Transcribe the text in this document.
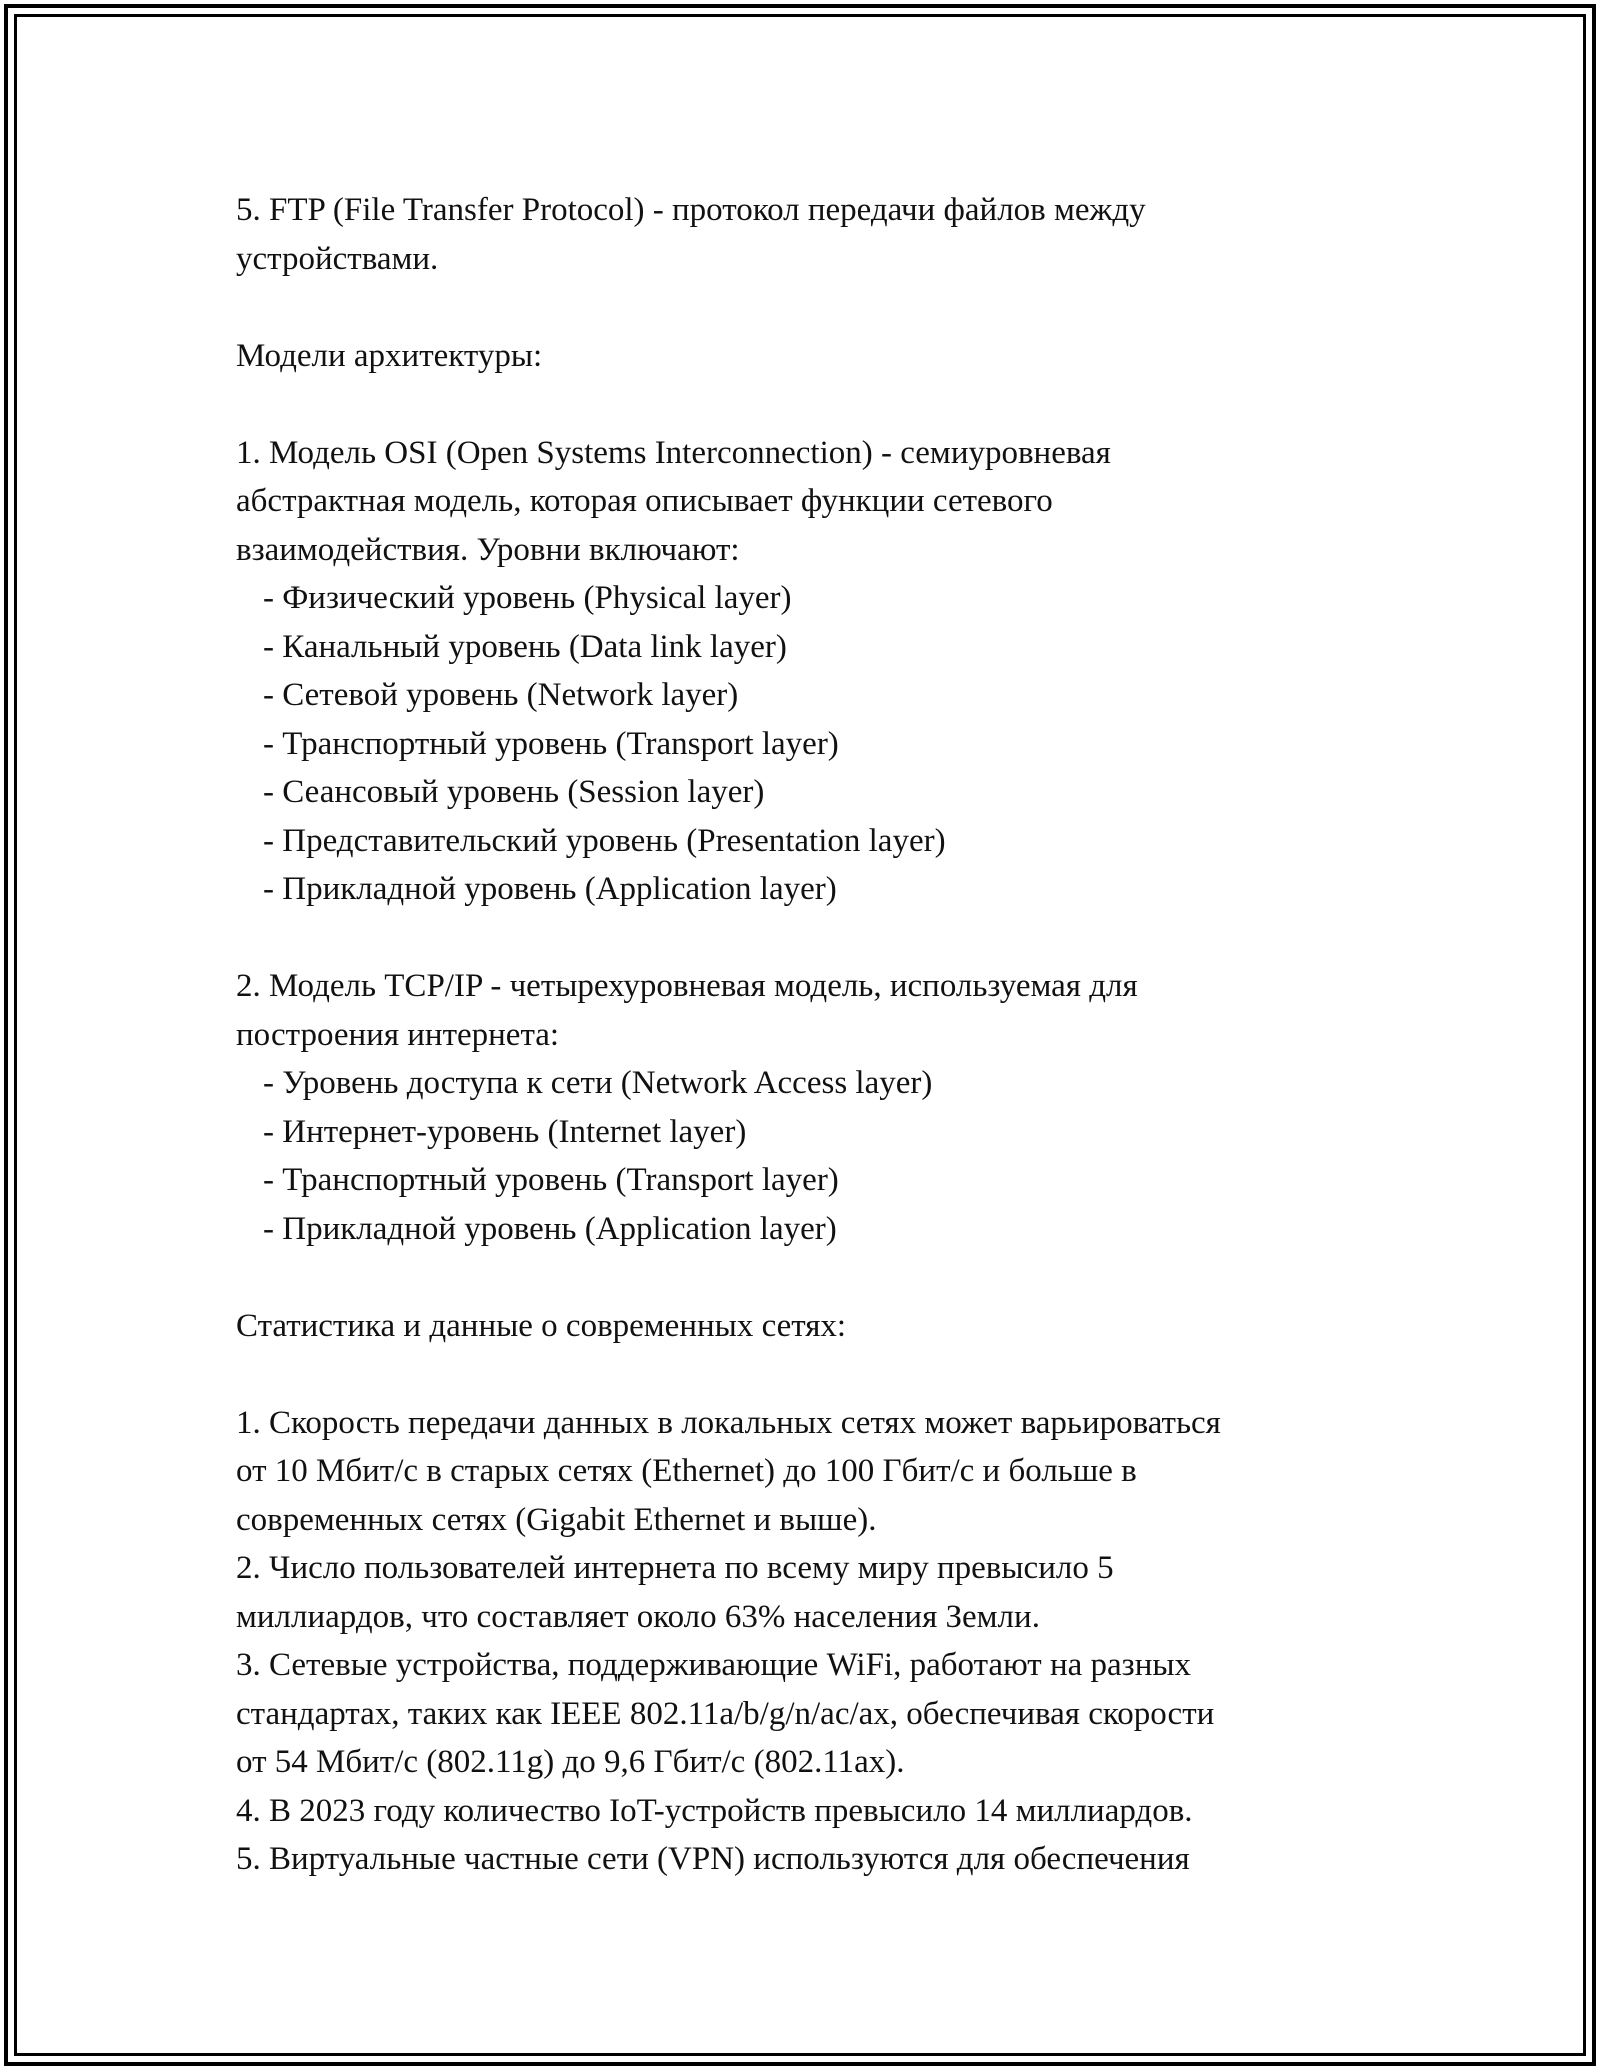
5. FTP (File Transfer Protocol) - протокол передачи файлов между
устройствами.
Модели архитектуры:
1. Модель OSI (Open Systems Interconnection) - семиуровневая
абстрактная модель, которая описывает функции сетевого
взаимодействия. Уровни включают:
- Физический уровень (Physical layer)
- Канальный уровень (Data link layer)
- Сетевой уровень (Network layer)
- Транспортный уровень (Transport layer)
- Сеансовый уровень (Session layer)
- Представительский уровень (Presentation layer)
- Прикладной уровень (Application layer)
2. Модель TCP/IP - четырехуровневая модель, используемая для
построения интернета:
- Уровень доступа к сети (Network Access layer)
- Интернет-уровень (Internet layer)
- Транспортный уровень (Transport layer)
- Прикладной уровень (Application layer)
Статистика и данные о современных сетях:
1. Скорость передачи данных в локальных сетях может варьироваться
от 10 Мбит/с в старых сетях (Ethernet) до 100 Гбит/с и больше в
современных сетях (Gigabit Ethernet и выше).
2. Число пользователей интернета по всему миру превысило 5
миллиардов, что составляет около 63% населения Земли.
3. Сетевые устройства, поддерживающие WiFi, работают на разных
стандартах, таких как IEEE 802.11a/b/g/n/ac/ax, обеспечивая скорости
от 54 Мбит/с (802.11g) до 9,6 Гбит/с (802.11ax).
4. В 2023 году количество IoT-устройств превысило 14 миллиардов.
5. Виртуальные частные сети (VPN) используются для обеспечения
